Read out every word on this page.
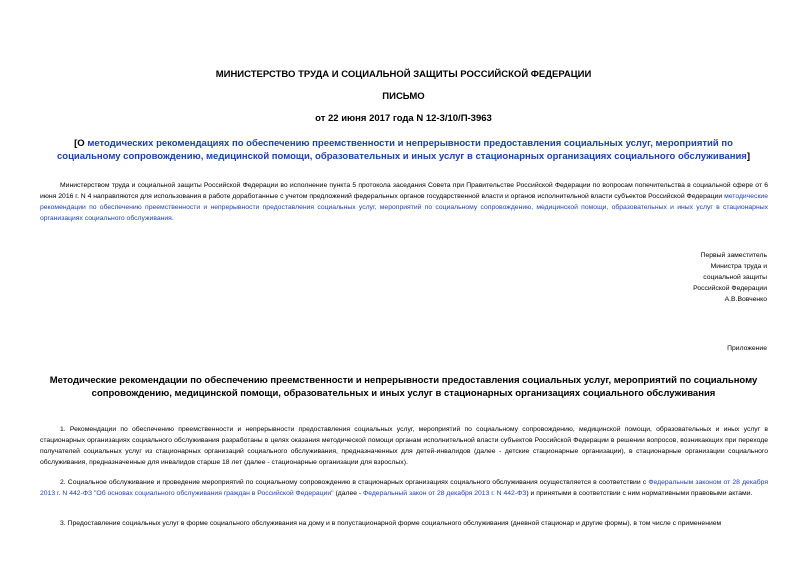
МИНИСТЕРСТВО ТРУДА И СОЦИАЛЬНОЙ ЗАЩИТЫ РОССИЙСКОЙ ФЕДЕРАЦИИ
ПИСЬМО
от 22 июня 2017 года N 12-3/10/П-3963
[О методических рекомендациях по обеспечению преемственности и непрерывности предоставления социальных услуг, мероприятий по социальному сопровождению, медицинской помощи, образовательных и иных услуг в стационарных организациях социального обслуживания]
Министерством труда и социальной защиты Российской Федерации во исполнение пункта 5 протокола заседания Совета при Правительстве Российской Федерации по вопросам попечительства в социальной сфере от 6 июня 2016 г. N 4 направляются для использования в работе доработанные с учетом предложений федеральных органов государственной власти и органов исполнительной власти субъектов Российской Федерации методические рекомендации по обеспечению преемственности и непрерывности предоставления социальных услуг, мероприятий по социальному сопровождению, медицинской помощи, образовательных и иных услуг в стационарных организациях социального обслуживания.
Первый заместитель
Министра труда и
социальной защиты
Российской Федерации
А.В.Вовченко
Приложение
Методические рекомендации по обеспечению преемственности и непрерывности предоставления социальных услуг, мероприятий по социальному сопровождению, медицинской помощи, образовательных и иных услуг в стационарных организациях социального обслуживания
1. Рекомендации по обеспечению преемственности и непрерывности предоставления социальных услуг, мероприятий по социальному сопровождению, медицинской помощи, образовательных и иных услуг в стационарных организациях социального обслуживания разработаны в целях оказания методической помощи органам исполнительной власти субъектов Российской Федерации в решении вопросов, возникающих при переходе получателей социальных услуг из стационарных организаций социального обслуживания, предназначенных для детей-инвалидов (далее - детские стационарные организации), в стационарные организации социального обслуживания, предназначенные для инвалидов старше 18 лет (далее - стационарные организации для взрослых).
2. Социальное обслуживание и проведение мероприятий по социальному сопровождению в стационарных организациях социального обслуживания осуществляется в соответствии с Федеральным законом от 28 декабря 2013 г. N 442-ФЗ "Об основах социального обслуживания граждан в Российской Федерации" (далее - Федеральный закон от 28 декабря 2013 г. N 442-ФЗ) и принятыми в соответствии с ним нормативными правовыми актами.
3. Предоставление социальных услуг в форме социального обслуживания на дому и в полустационарной форме социального обслуживания (дневной стационар и другие формы), в том числе с применением
